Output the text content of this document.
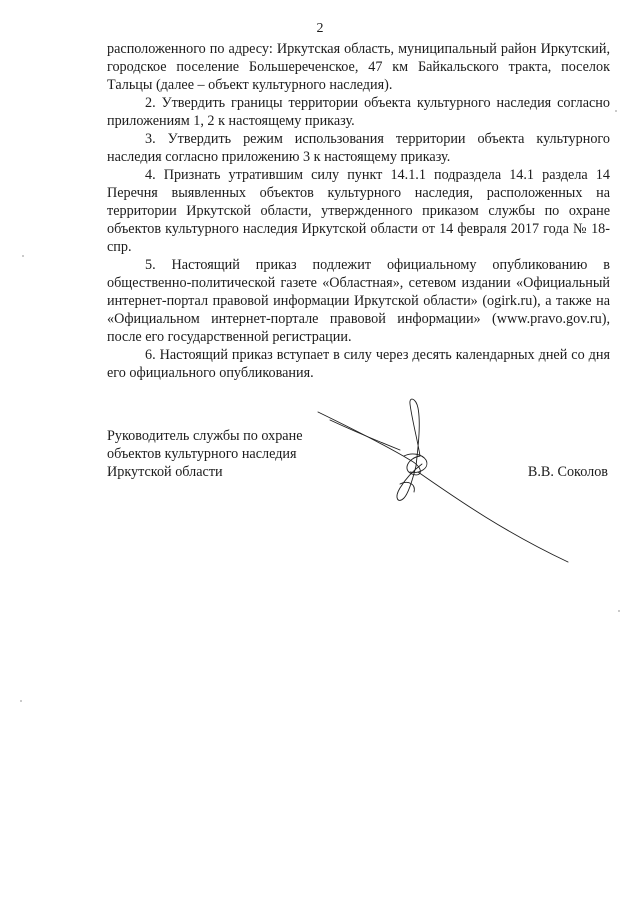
2

расположенного по адресу: Иркутская область, муниципальный район Иркутский, городское поселение Большереченское, 47 км Байкальского тракта, поселок Тальцы (далее – объект культурного наследия).

2. Утвердить границы территории объекта культурного наследия согласно приложениям 1, 2 к настоящему приказу.

3. Утвердить режим использования территории объекта культурного наследия согласно приложению 3 к настоящему приказу.

4. Признать утратившим силу пункт 14.1.1 подраздела 14.1 раздела 14 Перечня выявленных объектов культурного наследия, расположенных на территории Иркутской области, утвержденного приказом службы по охране объектов культурного наследия Иркутской области от 14 февраля 2017 года № 18-спр.

5. Настоящий приказ подлежит официальному опубликованию в общественно-политической газете «Областная», сетевом издании «Официальный интернет-портал правовой информации Иркутской области» (ogirk.ru), а также на «Официальном интернет-портале правовой информации» (www.pravo.gov.ru), после его государственной регистрации.

6. Настоящий приказ вступает в силу через десять календарных дней со дня его официального опубликования.

Руководитель службы по охране
объектов культурного наследия
Иркутской области	В.В. Соколов
